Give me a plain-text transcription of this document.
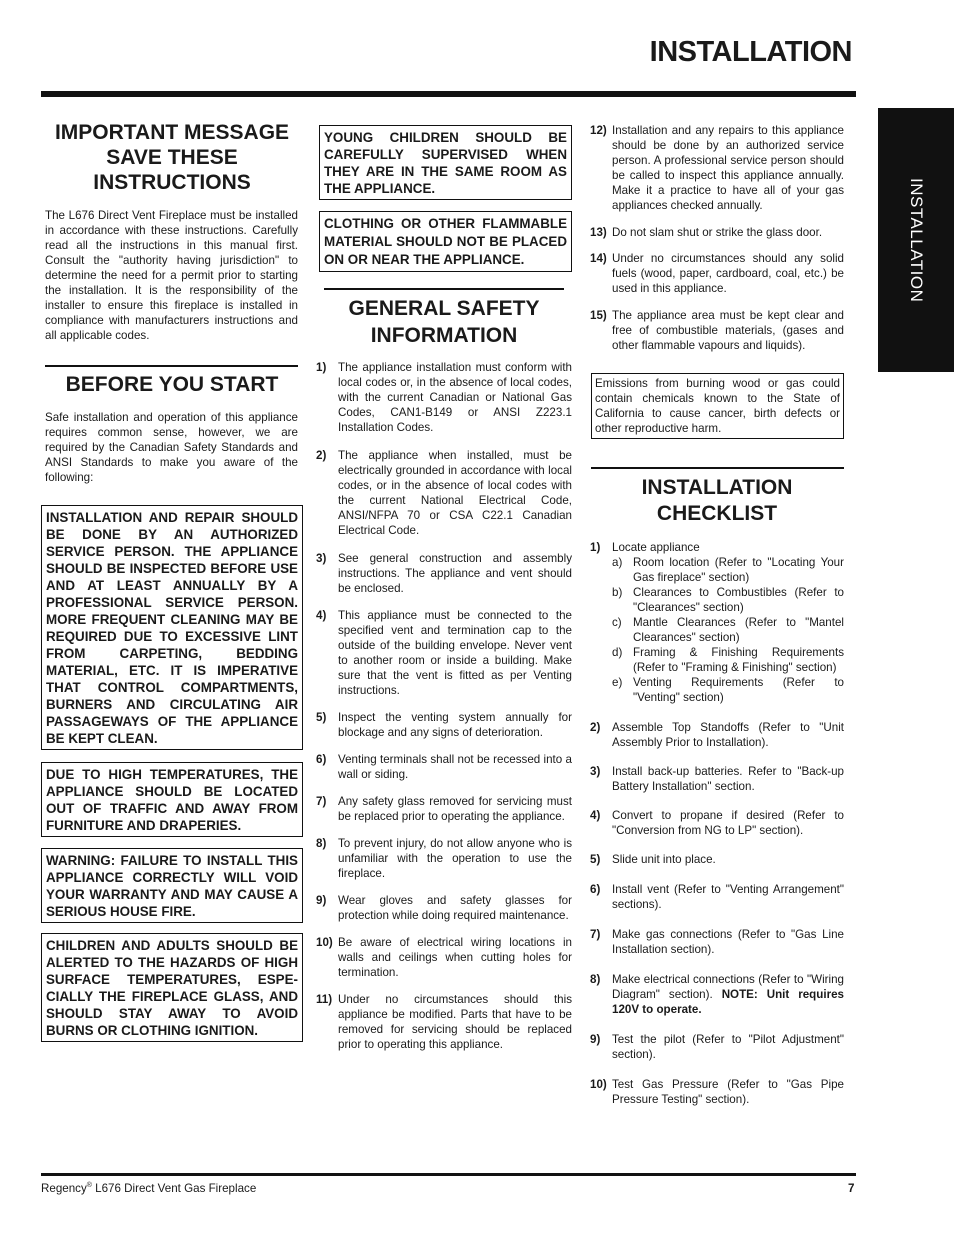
INSTALLATION
INSTALLATION
IMPORTANT MESSAGE SAVE THESE INSTRUCTIONS
The L676 Direct Vent Fireplace must be installed in accordance with these instructions. Carefully read all the instructions in this manual first. Consult the "authority having jurisdiction" to determine the need for a permit prior to starting the installation. It is the responsibility of the installer to ensure this fireplace is installed in compliance with manufacturers instructions and all applicable codes.
BEFORE YOU START
Safe installation and operation of this appliance requires common sense, however, we are required by the Canadian Safety Standards and ANSI Standards to make you aware of the following:
INSTALLATION AND REPAIR SHOULD BE DONE BY AN AUTHORIZED SERVICE PERSON. THE APPLIANCE SHOULD BE INSPECTED BEFORE USE AND AT LEAST ANNUALLY BY A PROFESSIONAL SERVICE PERSON. MORE FREQUENT CLEANING MAY BE REQUIRED DUE TO EXCESSIVE LINT FROM CARPETING, BEDDING MATERIAL, ETC. IT IS IMPERATIVE THAT CONTROL COMPARTMENTS, BURNERS AND CIRCULATING AIR PASSAGEWAYS OF THE APPLIANCE BE KEPT CLEAN.
DUE TO HIGH TEMPERATURES, THE APPLIANCE SHOULD BE LOCATED OUT OF TRAFFIC AND AWAY FROM FURNITURE AND DRAPERIES.
WARNING: FAILURE TO INSTALL THIS APPLIANCE CORRECTLY WILL VOID YOUR WARRANTY AND MAY CAUSE A SERIOUS HOUSE FIRE.
CHILDREN AND ADULTS SHOULD BE ALERTED TO THE HAZARDS OF HIGH SURFACE TEMPERATURES, ESPE-CIALLY THE FIREPLACE GLASS, AND SHOULD STAY AWAY TO AVOID BURNS OR CLOTHING IGNITION.
YOUNG CHILDREN SHOULD BE CAREFULLY SUPERVISED WHEN THEY ARE IN THE SAME ROOM AS THE APPLIANCE.
CLOTHING OR OTHER FLAMMABLE MATERIAL SHOULD NOT BE PLACED ON OR NEAR THE APPLIANCE.
GENERAL SAFETY INFORMATION
1)	The appliance installation must conform with local codes or, in the absence of local codes, with the current Canadian or National Gas Codes, CAN1-B149 or ANSI Z223.1 Installation Codes.
2)	The appliance when installed, must be electrically grounded in accordance with local codes, or in the absence of local codes with the current National Electrical Code, ANSI/NFPA 70 or CSA C22.1 Canadian Electrical Code.
3)	See general construction and assembly instructions. The appliance and vent should be enclosed.
4)	This appliance must be connected to the specified vent and termination cap to the outside of the building envelope. Never vent to another room or inside a building. Make sure that the vent is fitted as per Venting instructions.
5)	Inspect the venting system annually for blockage and any signs of deterioration.
6)	Venting terminals shall not be recessed into a wall or siding.
7)	Any safety glass removed for servicing must be replaced prior to operating the appliance.
8)	To prevent injury, do not allow anyone who is unfamiliar with the operation to use the fireplace.
9)	Wear gloves and safety glasses for protection while doing required maintenance.
10) Be aware of electrical wiring locations in walls and ceilings when cutting holes for termination.
11) Under no circumstances should this appliance be modified. Parts that have to be removed for servicing should be replaced prior to operating this appliance.
12) Installation and any repairs to this appliance should be done by an authorized service person. A professional service person should be called to inspect this appliance annually. Make it a practice to have all of your gas appliances checked annually.
13) Do not slam shut or strike the glass door.
14) Under no circumstances should any solid fuels (wood, paper, cardboard, coal, etc.) be used in this appliance.
15) The appliance area must be kept clear and free of combustible materials, (gases and other flammable vapours and liquids).
Emissions from burning wood or gas could contain chemicals known to the State of California to cause cancer, birth defects or other reproductive harm.
INSTALLATION CHECKLIST
1)	Locate appliance
a) Room location (Refer to "Locating Your Gas fireplace" section)
b) Clearances to Combustibles (Refer to "Clearances" section)
c) Mantle Clearances (Refer to "Mantel Clearances" section)
d) Framing & Finishing Requirements (Refer to "Framing & Finishing" section)
e) Venting Requirements (Refer to "Venting" section)
2)	Assemble Top Standoffs (Refer to "Unit Assembly Prior to Installation).
3)	Install back-up batteries. Refer to "Back-up Battery Installation" section.
4)	Convert to propane if desired (Refer to "Conversion from NG to LP" section).
5)	Slide unit into place.
6)	Install vent (Refer to "Venting Arrangement" sections).
7)	Make gas connections (Refer to "Gas Line Installation section).
8)	Make electrical connections (Refer to "Wiring Diagram" section). NOTE: Unit requires 120V to operate.
9)	Test the pilot (Refer to "Pilot Adjustment" section).
10) Test Gas Pressure (Refer to "Gas Pipe Pressure Testing" section).
Regency® L676 Direct Vent Gas Fireplace	7
